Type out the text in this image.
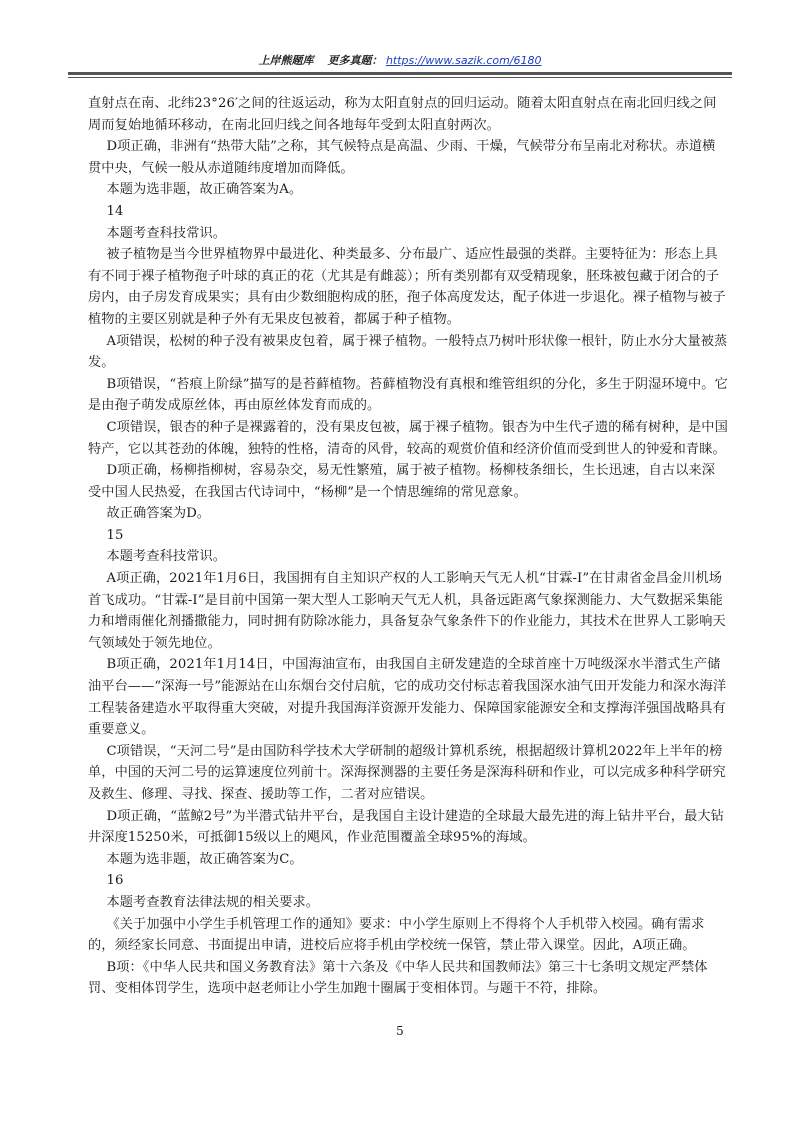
上岸熊题库 更多真题： https://www.sazik.com/6180

直射点在南、北纬23°26′之间的往返运动，称为太阳直射点的回归运动。随着太阳直射点在南北回归线之间周而复始地循环移动，在南北回归线之间各地每年受到太阳直射两次。

D项正确，非洲有“热带大陆”之称，其气候特点是高温、少雨、干燥，气候带分布呈南北对称状。赤道横贯中央，气候一般从赤道随纬度增加而降低。

本题为选非题，故正确答案为A。

14

本题考查科技常识。

被子植物是当今世界植物界中最进化、种类最多、分布最广、适应性最强的类群。主要特征为：形态上具有不同于裸子植物孢子叶球的真正的花（尤其是有雌蕊）；所有类别都有双受精现象，胚珠被包藏于闭合的子房内，由子房发育成果实；具有由少数细胞构成的胚，孢子体高度发达，配子体进一步退化。裸子植物与被子植物的主要区别就是种子外有无果皮包被着，都属于种子植物。

A项错误，松树的种子没有被果皮包着，属于裸子植物。一般特点乃树叶形状像一根针，防止水分大量被蒸发。

B项错误，“苔痕上阶绿”描写的是苔藓植物。苔藓植物没有真根和维管组织的分化，多生于阴湿环境中。它是由孢子萌发成原丝体，再由原丝体发育而成的。

C项错误，银杏的种子是裸露着的，没有果皮包被，属于裸子植物。银杏为中生代孑遗的稀有树种，是中国特产，它以其苍劲的体魄，独特的性格，清奇的风骨，较高的观赏价值和经济价值而受到世人的钟爱和青睐。

D项正确，杨柳指柳树，容易杂交，易无性繁殖，属于被子植物。杨柳枝条细长，生长迅速，自古以来深受中国人民热爱，在我国古代诗词中，“杨柳”是一个情思缠绵的常见意象。

故正确答案为D。

15

本题考查科技常识。

A项正确，2021年1月6日，我国拥有自主知识产权的人工影响天气无人机“甘霖-Ⅰ”在甘肃省金昌金川机场首飞成功。“甘霖-Ⅰ”是目前中国第一架大型人工影响天气无人机，具备远距离气象探测能力、大气数据采集能力和增雨催化剂播撒能力，同时拥有防除冰能力，具备复杂气象条件下的作业能力，其技术在世界人工影响天气领域处于领先地位。

B项正确，2021年1月14日，中国海油宣布，由我国自主研发建造的全球首座十万吨级深水半潜式生产储油平台——“深海一号”能源站在山东烟台交付启航，它的成功交付标志着我国深水油气田开发能力和深水海洋工程装备建造水平取得重大突破，对提升我国海洋资源开发能力、保障国家能源安全和支撑海洋强国战略具有重要意义。

C项错误，“天河二号”是由国防科学技术大学研制的超级计算机系统，根据超级计算机2022年上半年的榜单，中国的天河二号的运算速度位列前十。深海探测器的主要任务是深海科研和作业，可以完成多种科学研究及救生、修理、寻找、探查、援助等工作，二者对应错误。

D项正确，“蓝鲸2号”为半潜式钻井平台，是我国自主设计建造的全球最大最先进的海上钻井平台，最大钻井深度15250米，可抵御15级以上的飓风，作业范围覆盖全球95%的海域。

本题为选非题，故正确答案为C。

16

本题考查教育法律法规的相关要求。

《关于加强中小学生手机管理工作的通知》要求：中小学生原则上不得将个人手机带入校园。确有需求的，须经家长同意、书面提出申请，进校后应将手机由学校统一保管，禁止带入课堂。因此，A项正确。

B项：《中华人民共和国义务教育法》第十六条及《中华人民共和国教师法》第三十七条明文规定严禁体罚、变相体罚学生，选项中赵老师让小学生加跑十圈属于变相体罚。与题干不符，排除。

5
